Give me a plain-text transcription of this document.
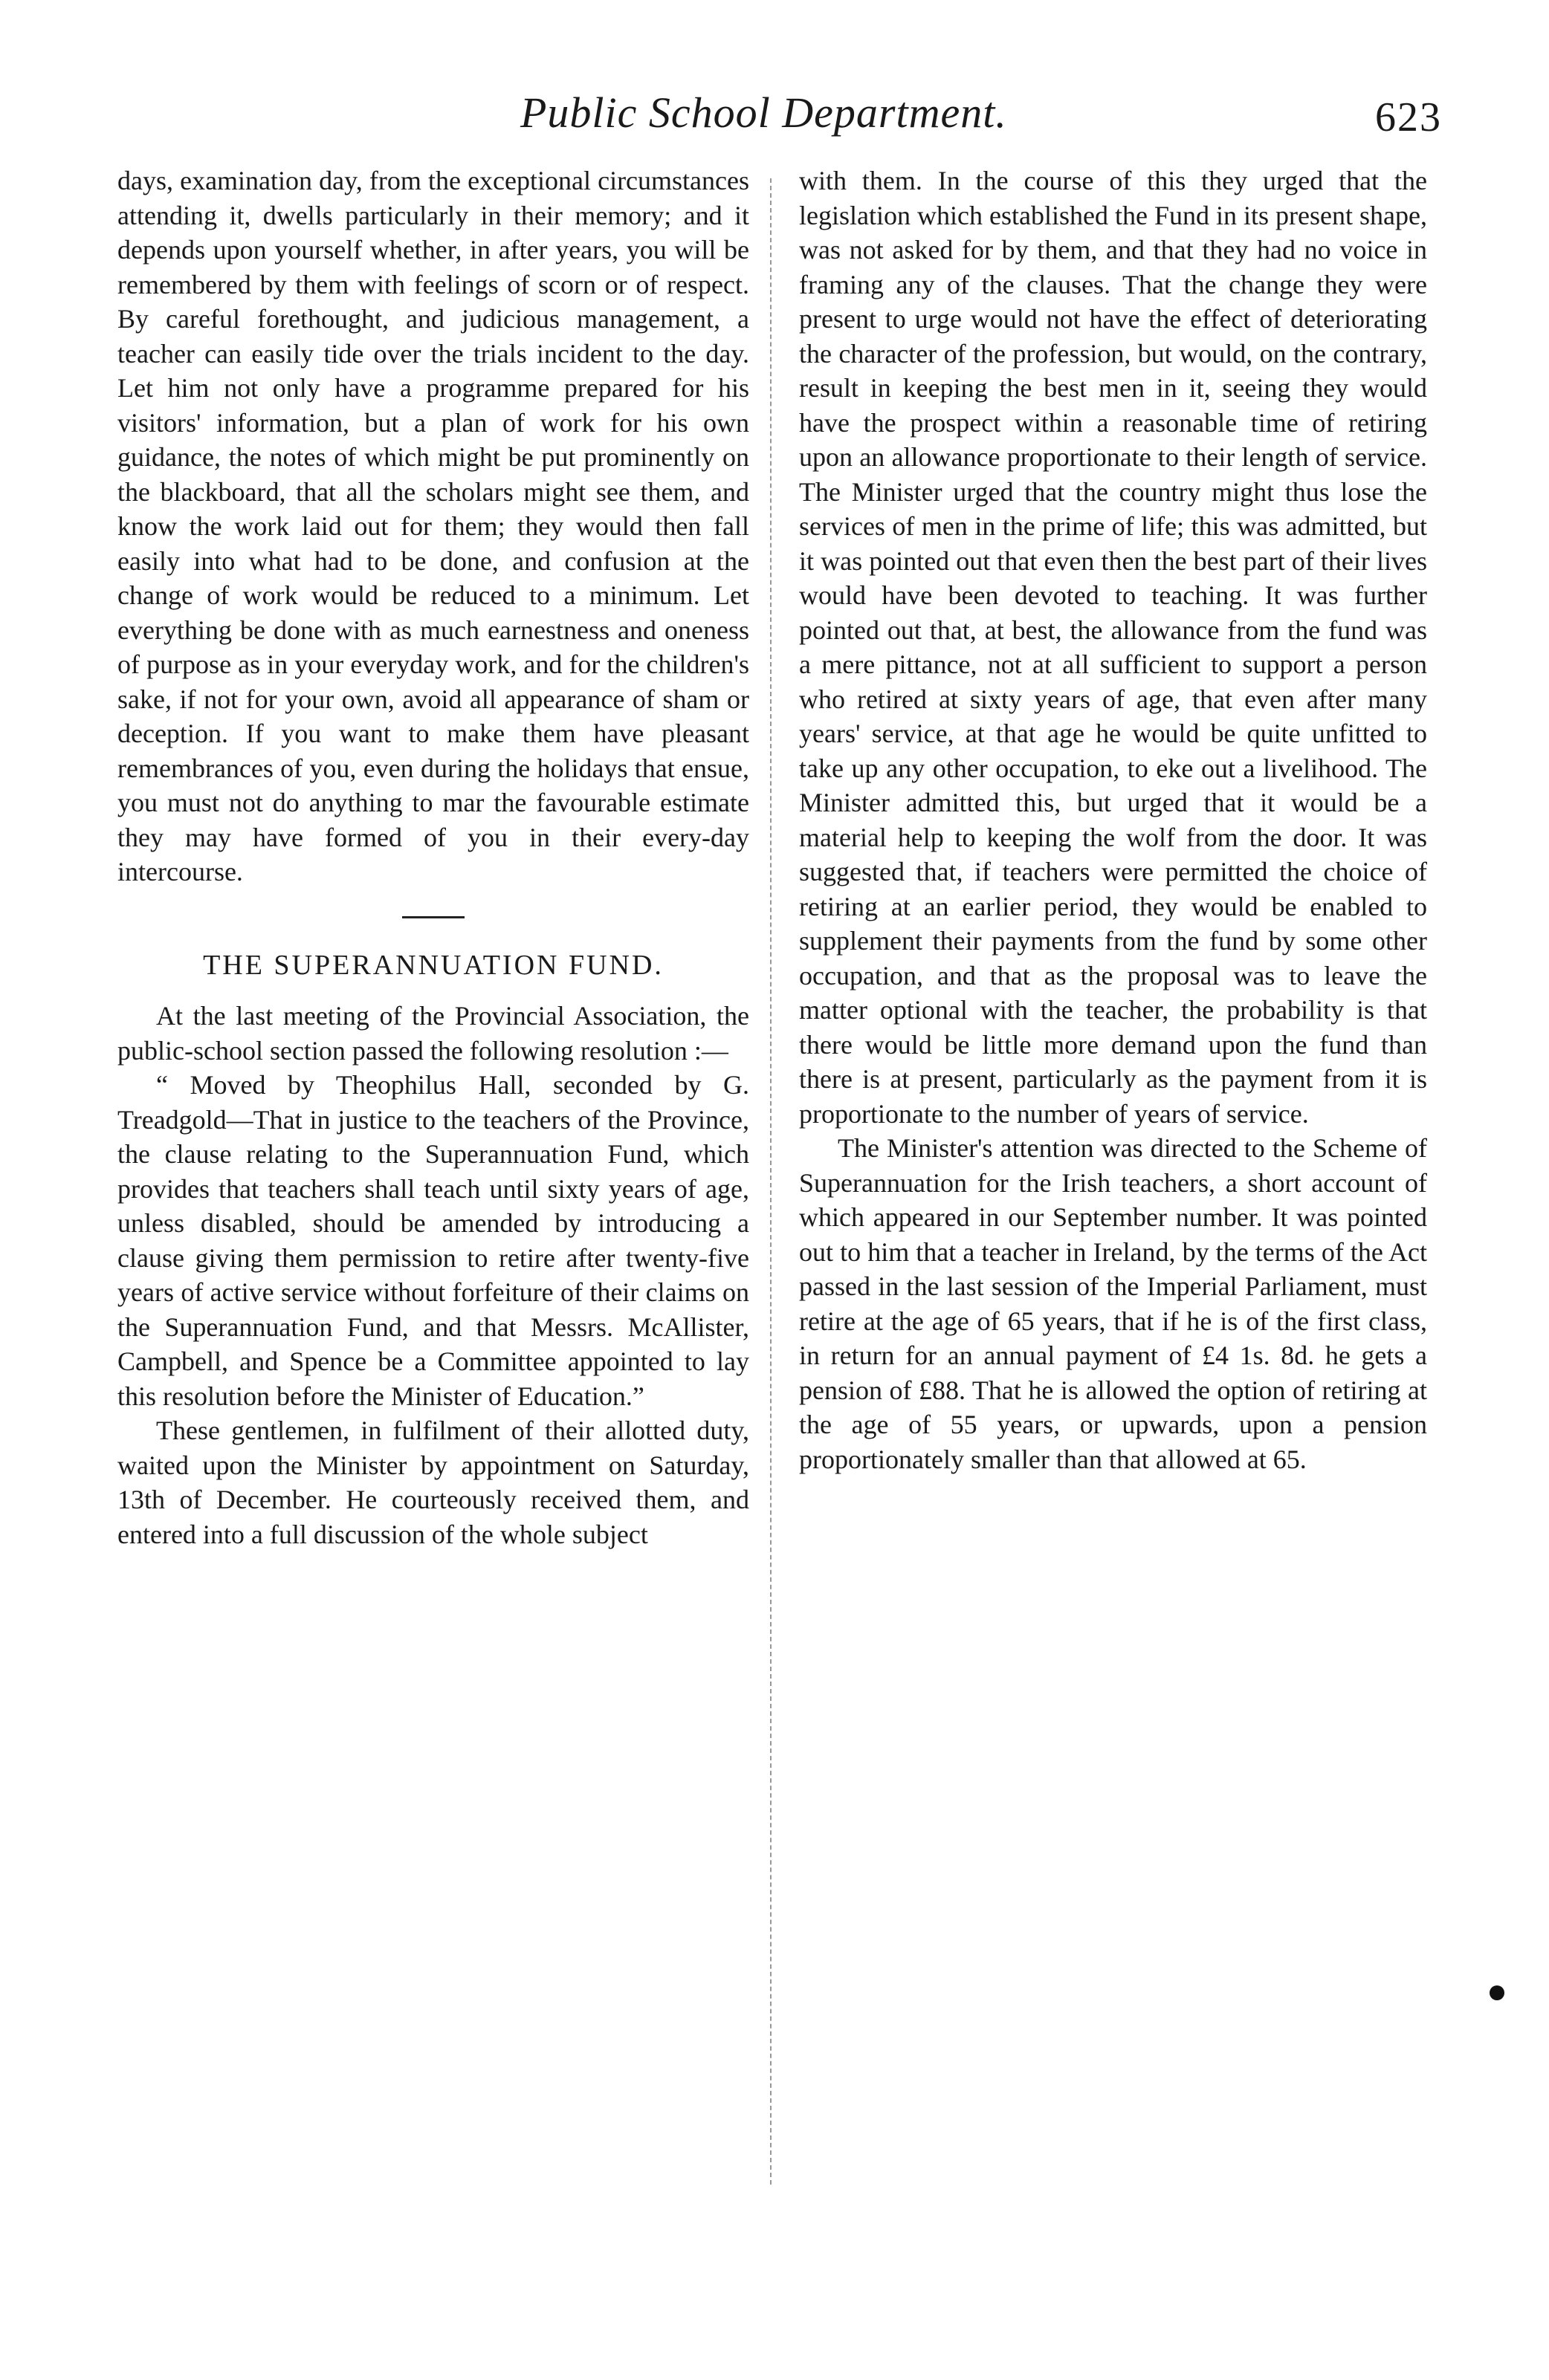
Public School Department.	623

days, examination day, from the exceptional circumstances attending it, dwells particularly in their memory; and it depends upon yourself whether, in after years, you will be remembered by them with feelings of scorn or of respect. By careful forethought, and judicious management, a teacher can easily tide over the trials incident to the day. Let him not only have a programme prepared for his visitors' information, but a plan of work for his own guidance, the notes of which might be put prominently on the blackboard, that all the scholars might see them, and know the work laid out for them; they would then fall easily into what had to be done, and confusion at the change of work would be reduced to a minimum. Let everything be done with as much earnestness and oneness of purpose as in your everyday work, and for the children's sake, if not for your own, avoid all appearance of sham or deception. If you want to make them have pleasant remembrances of you, even during the holidays that ensue, you must not do anything to mar the favourable estimate they may have formed of you in their every-day intercourse.

THE SUPERANNUATION FUND.

At the last meeting of the Provincial Association, the public-school section passed the following resolution :—

“ Moved by Theophilus Hall, seconded by G. Treadgold—That in justice to the teachers of the Province, the clause relating to the Superannuation Fund, which provides that teachers shall teach until sixty years of age, unless disabled, should be amended by introducing a clause giving them permission to retire after twenty-five years of active service without forfeiture of their claims on the Superannuation Fund, and that Messrs. McAllister, Campbell, and Spence be a Committee appointed to lay this resolution before the Minister of Education.”

These gentlemen, in fulfilment of their allotted duty, waited upon the Minister by appointment on Saturday, 13th of December. He courteously received them, and entered into a full discussion of the whole subject

with them. In the course of this they urged that the legislation which established the Fund in its present shape, was not asked for by them, and that they had no voice in framing any of the clauses. That the change they were present to urge would not have the effect of deteriorating the character of the profession, but would, on the contrary, result in keeping the best men in it, seeing they would have the prospect within a reasonable time of retiring upon an allowance proportionate to their length of service. The Minister urged that the country might thus lose the services of men in the prime of life; this was admitted, but it was pointed out that even then the best part of their lives would have been devoted to teaching. It was further pointed out that, at best, the allowance from the fund was a mere pittance, not at all sufficient to support a person who retired at sixty years of age, that even after many years' service, at that age he would be quite unfitted to take up any other occupation, to eke out a livelihood. The Minister admitted this, but urged that it would be a material help to keeping the wolf from the door. It was suggested that, if teachers were permitted the choice of retiring at an earlier period, they would be enabled to supplement their payments from the fund by some other occupation, and that as the proposal was to leave the matter optional with the teacher, the probability is that there would be little more demand upon the fund than there is at present, particularly as the payment from it is proportionate to the number of years of service.

The Minister's attention was directed to the Scheme of Superannuation for the Irish teachers, a short account of which appeared in our September number. It was pointed out to him that a teacher in Ireland, by the terms of the Act passed in the last session of the Imperial Parliament, must retire at the age of 65 years, that if he is of the first class, in return for an annual payment of £4 1s. 8d. he gets a pension of £88. That he is allowed the option of retiring at the age of 55 years, or upwards, upon a pension proportionately smaller than that allowed at 65.
